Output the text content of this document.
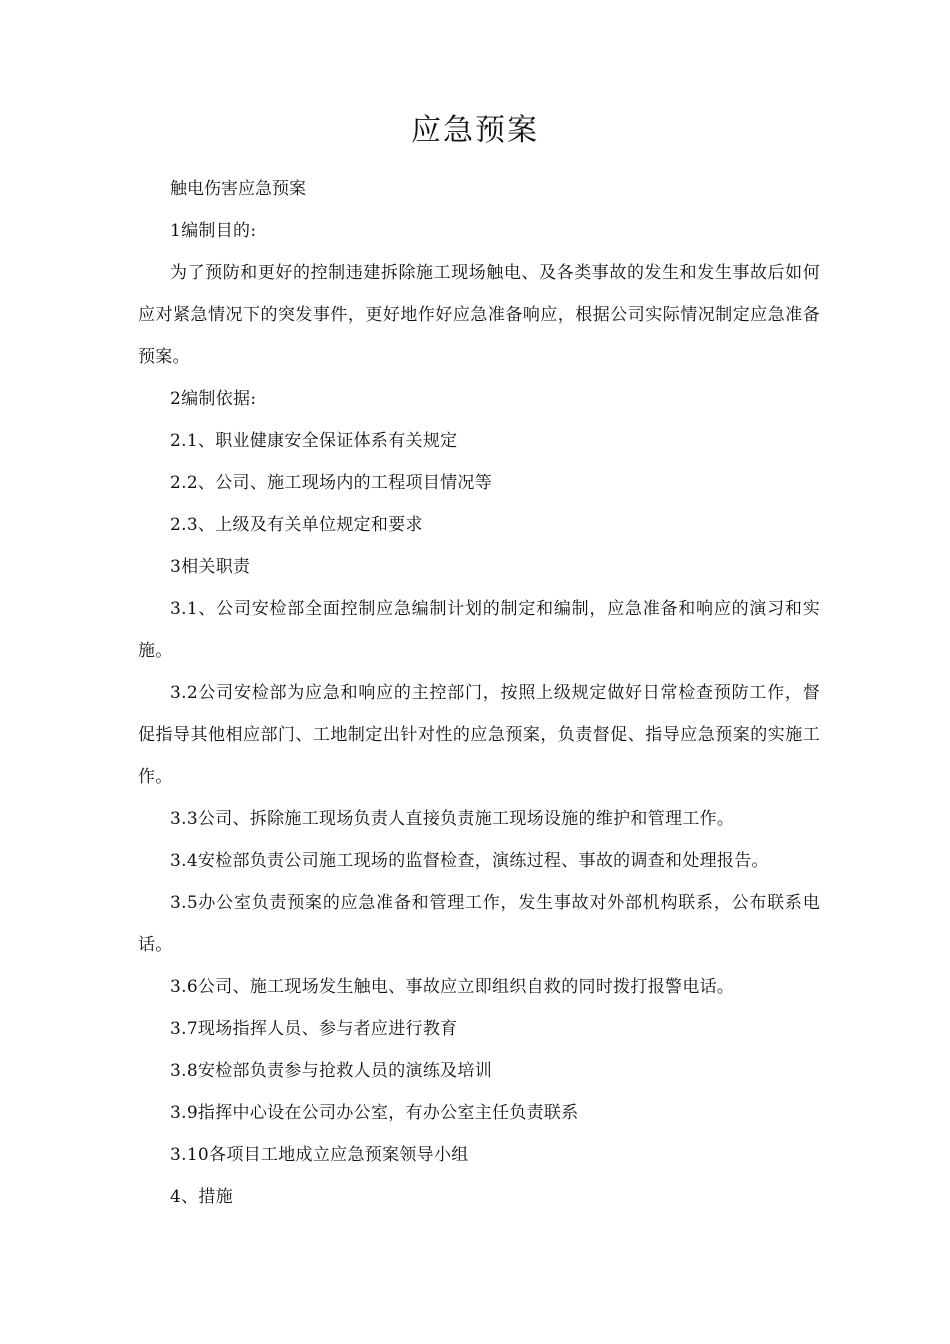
应急预案
触电伤害应急预案

1编制目的:

为了预防和更好的控制违建拆除施工现场触电、及各类事故的发生和发生事故后如何应对紧急情况下的突发事件，更好地作好应急准备响应，根据公司实际情况制定应急准备预案。

2编制依据:

2.1、职业健康安全保证体系有关规定

2.2、公司、施工现场内的工程项目情况等

2.3、上级及有关单位规定和要求

3相关职责

3.1、公司安检部全面控制应急编制计划的制定和编制，应急准备和响应的演习和实施。

3.2公司安检部为应急和响应的主控部门，按照上级规定做好日常检查预防工作，督促指导其他相应部门、工地制定出针对性的应急预案，负责督促、指导应急预案的实施工作。

3.3公司、拆除施工现场负责人直接负责施工现场设施的维护和管理工作。

3.4安检部负责公司施工现场的监督检查，演练过程、事故的调查和处理报告。

3.5办公室负责预案的应急准备和管理工作，发生事故对外部机构联系，公布联系电话。

3.6公司、施工现场发生触电、事故应立即组织自救的同时拨打报警电话。

3.7现场指挥人员、参与者应进行教育

3.8安检部负责参与抢救人员的演练及培训

3.9指挥中心设在公司办公室，有办公室主任负责联系

3.10各项目工地成立应急预案领导小组

4、措施
